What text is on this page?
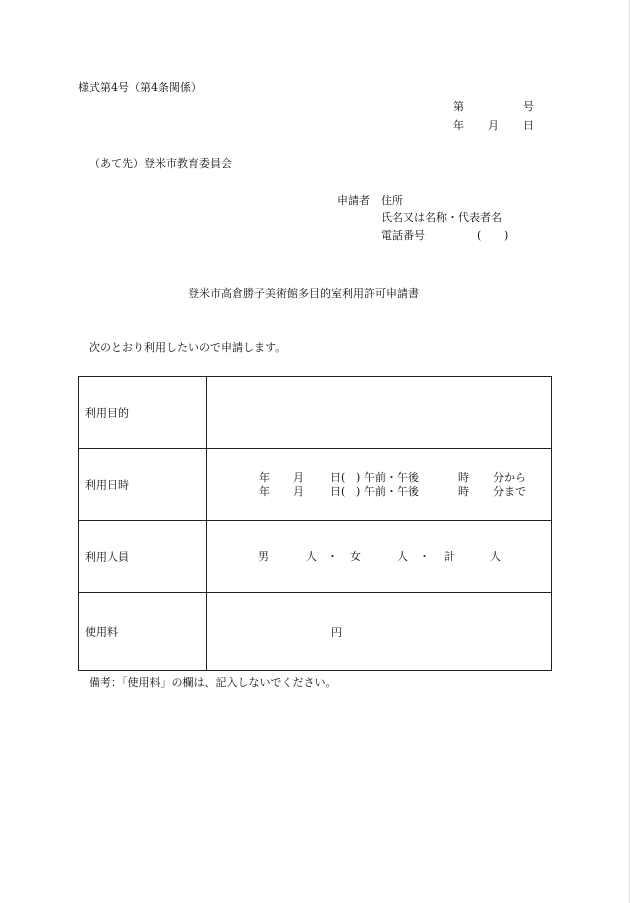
様式第4号（第4条関係）
第	号
年 月 日
（あて先）登米市教育委員会
申請者 住所
氏名又は名称・代表者名
電話番号	( )
登米市高倉勝子美術館多目的室利用許可申請書
次のとおり利用したいので申請します。
利用目的
利用日時
年 月 日( ) 午前・午後	時 分から
年 月 日( ) 午前・午後	時 分まで
利用人員	男	人 ・ 女	人 ・ 計	人
使用料	円
備考：「使用料」の欄は、記入しないでください。
